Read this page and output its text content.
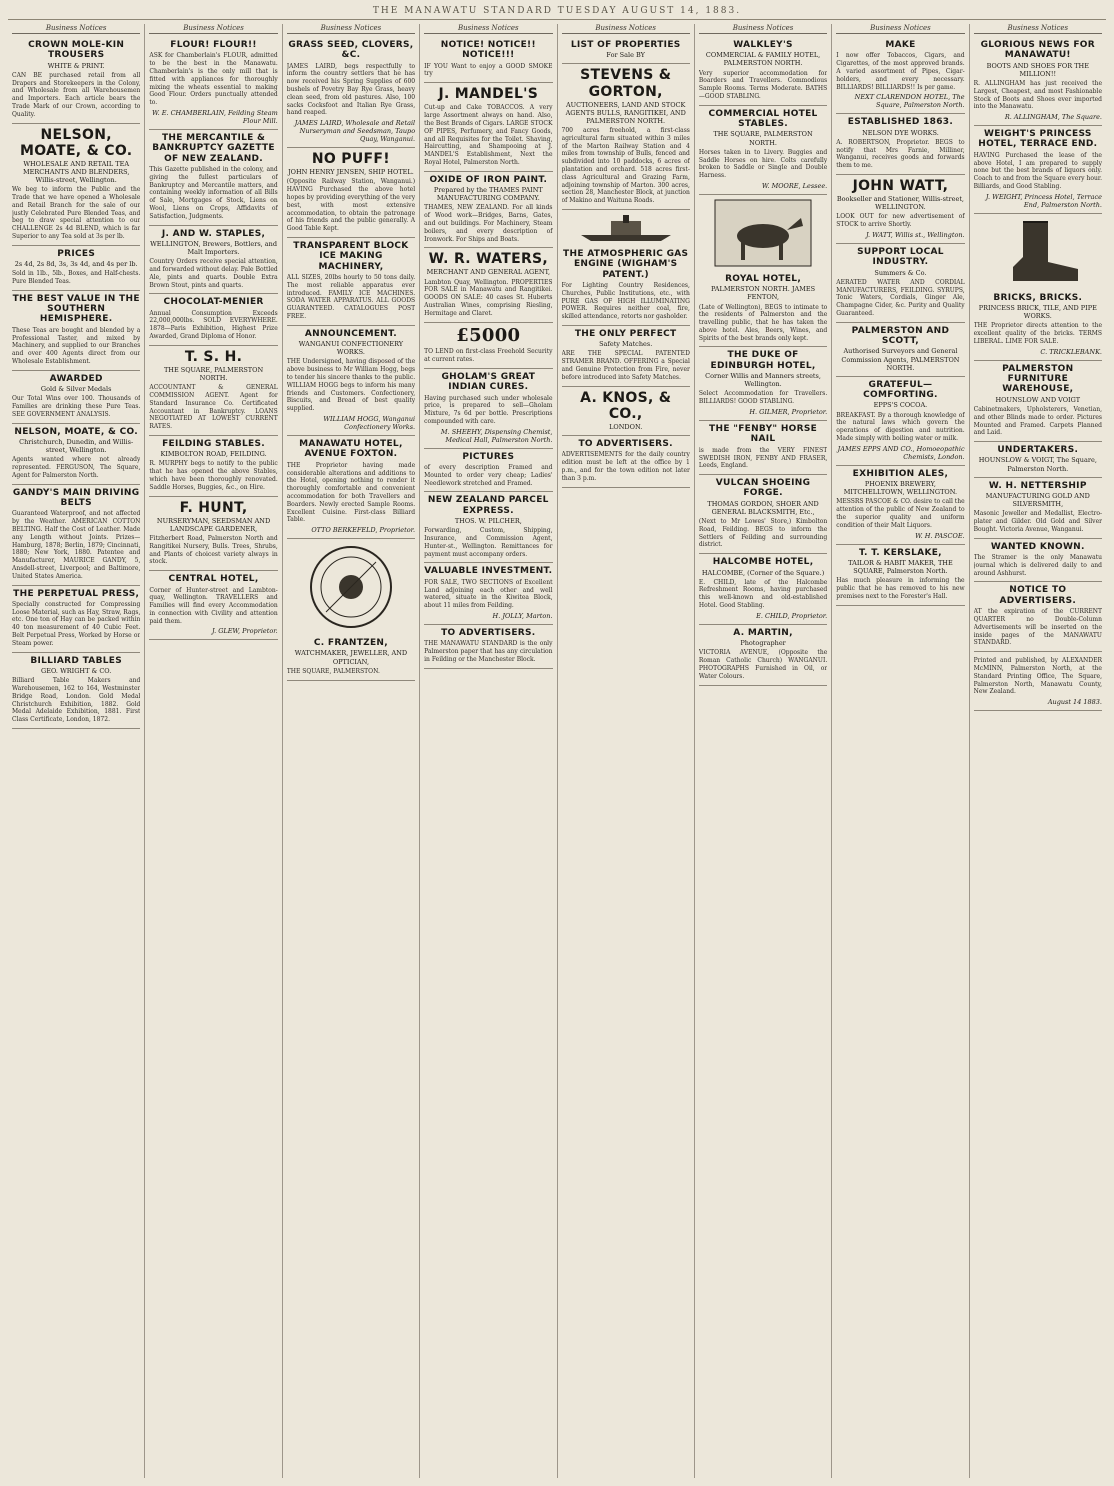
THE MANAWATU STANDARD TUESDAY AUGUST 14, 1883.
Business Notices
CROWN MOLE-KIN TROUSERS
WHITE & PRINT.
CAN BE purchased retail from all Drapers and Storekeepers in the Colony, and Wholesale from all Warehousemen and Importers. Each article bears the Trade Mark of our Crown, according to Quality.
NELSON, MOATE, & CO.
WHOLESALE AND RETAIL TEA MERCHANTS AND BLENDERS, Willis-street, Wellington.
We beg to inform the Public and the Trade that we have opened a Wholesale and Retail Branch for the sale of our justly Celebrated Pure Blended Teas, and beg to draw special attention to our CHALLENGE 2s 4d BLEND, which is far Superior to any Tea sold at 3s per lb.
PRICES
2s 4d, 2s 8d, 3s, 3s 4d, and 4s per lb.
Sold in 1lb., 5lb., Boxes, and Half-chests. Pure Blended Teas.
THE BEST VALUE IN THE SOUTHERN HEMISPHERE.
These Teas are bought and blended by a Professional Taster, and mixed by Machinery, and supplied to our Branches and over 400 Agents direct from our Wholesale Establishment.
AWARDED
Gold & Silver Medals
Our Total Wins over 100. Thousands of Families are drinking these Pure Teas. SEE GOVERNMENT ANALYSIS.
NELSON, MOATE, & CO.
Christchurch, Dunedin, and Willis-street, Wellington.
Agents wanted where not already represented. FERGUSON, The Square, Agent for Palmerston North.
GANDY'S MAIN DRIVING BELTS
Guaranteed Waterproof, and not affected by the Weather. AMERICAN COTTON BELTING. Half the Cost of Leather. Made any Length without Joints. Prizes—Hamburg, 1878; Berlin, 1879; Cincinnati, 1880; New York, 1880. Patentee and Manufacturer, MAURICE GANDY, 5, Ansdell-street, Liverpool; and Baltimore, United States America.
THE PERPETUAL PRESS,
Specially constructed for Compressing Loose Material, such as Hay, Straw, Rags, etc. One ton of Hay can be packed within 40 ton measurement of 40 Cubic Feet. Belt Perpetual Press, Worked by Horse or Steam power.
BILLIARD TABLES
GEO. WRIGHT & CO.
Billiard Table Makers and Warehousemen, 162 to 164, Westminster Bridge Road, London. Gold Medal Christchurch Exhibition, 1882. Gold Medal Adelaide Exhibition, 1881. First Class Certificate, London, 1872.
Business Notices
FLOUR! FLOUR!!
ASK for Chamberlain's FLOUR, admitted to be the best in the Manawatu. Chamberlain's is the only mill that is fitted with appliances for thoroughly mixing the wheats essential to making Good Flour. Orders punctually attended to.
W. E. CHAMBERLAIN, Feilding Steam Flour Mill.
THE MERCANTILE & BANKRUPTCY GAZETTE OF NEW ZEALAND.
This Gazette published in the colony, and giving the fullest particulars of Bankruptcy and Mercantile matters, and containing weekly information of all Bills of Sale, Mortgages of Stock, Liens on Wool, Liens on Crops, Affidavits of Satisfaction, Judgments.
J. AND W. STAPLES,
WELLINGTON, Brewers, Bottlers, and Malt Importers.
Country Orders receive special attention, and forwarded without delay. Pale Bottled Ale, pints and quarts. Double Extra Brown Stout, pints and quarts.
CHOCOLAT-MENIER
Annual Consumption Exceeds 22,000,000lbs. SOLD EVERYWHERE. 1878—Paris Exhibition, Highest Prize Awarded, Grand Diploma of Honor.
T. S. H.
THE SQUARE, PALMERSTON NORTH.
ACCOUNTANT & GENERAL COMMISSION AGENT. Agent for Standard Insurance Co. Certificated Accountant in Bankruptcy. LOANS NEGOTIATED AT LOWEST CURRENT RATES.
FEILDING STABLES.
KIMBOLTON ROAD, FEILDING.
R. MURPHY begs to notify to the public that he has opened the above Stables, which have been thoroughly renovated. Saddle Horses, Buggies, &c., on Hire.
F. HUNT,
NURSERYMAN, SEEDSMAN AND LANDSCAPE GARDENER,
Fitzherbert Road, Palmerston North and Rangitikei Nursery, Bulls. Trees, Shrubs, and Plants of choicest variety always in stock.
CENTRAL HOTEL,
Corner of Hunter-street and Lambton-quay, Wellington. TRAVELLERS and Families will find every Accommodation in connection with Civility and attention paid them.
J. GLEW, Proprietor.
Business Notices
GRASS SEED, CLOVERS, &C.
JAMES LAIRD, begs respectfully to inform the country settlers that he has now received his Spring Supplies of 600 bushels of Povetry Bay Rye Grass, heavy clean seed, from old pastures. Also, 100 sacks Cocksfoot and Italian Rye Grass, hand reaped.
JAMES LAIRD, Wholesale and Retail Nurseryman and Seedsman, Taupo Quay, Wanganui.
NO PUFF!
JOHN HENRY JENSEN, SHIP HOTEL.
(Opposite Railway Station, Wanganui.) HAVING Purchased the above hotel hopes by providing everything of the very best, with most extensive accommodation, to obtain the patronage of his friends and the public generally. A Good Table Kept.
TRANSPARENT BLOCK ICE MAKING MACHINERY,
ALL SIZES, 20lbs hourly to 50 tons daily. The most reliable apparatus ever introduced. FAMILY ICE MACHINES. SODA WATER APPARATUS. ALL GOODS GUARANTEED. CATALOGUES POST FREE.
ANNOUNCEMENT.
WANGANUI CONFECTIONERY WORKS.
THE Undersigned, having disposed of the above business to Mr William Hogg, begs to tender his sincere thanks to the public. WILLIAM HOGG begs to inform his many friends and Customers. Confectionery, Biscuits, and Bread of best quality supplied.
WILLIAM HOGG, Wanganui Confectionery Works.
MANAWATU HOTEL, AVENUE FOXTON.
THE Proprietor having made considerable alterations and additions to the Hotel, opening nothing to render it thoroughly comfortable and convenient accommodation for both Travellers and Boarders. Newly erected Sample Rooms. Excellent Cuisine. First-class Billiard Table.
OTTO BERKEFELD, Proprietor.
C. FRANTZEN,
WATCHMAKER, JEWELLER, AND OPTICIAN,
THE SQUARE, PALMERSTON.
Business Notices
NOTICE! NOTICE!! NOTICE!!!
IF YOU Want to enjoy a GOOD SMOKE try
J. MANDEL'S
Cut-up and Cake TOBACCOS. A very large Assortment always on hand. Also, the Best Brands of Cigars. LARGE STOCK OF PIPES, Perfumery, and Fancy Goods, and all Requisites for the Toilet. Shaving, Haircutting, and Shampooing at J. MANDEL'S Establishment, Next the Royal Hotel, Palmerston North.
OXIDE OF IRON PAINT.
Prepared by the THAMES PAINT MANUFACTURING COMPANY.
THAMES, NEW ZEALAND. For all kinds of Wood work—Bridges, Barns, Gates, and out buildings. For Machinery, Steam boilers, and every description of Ironwork. For Ships and Boats.
W. R. WATERS,
MERCHANT AND GENERAL AGENT,
Lambton Quay, Wellington. PROPERTIES FOR SALE in Manawatu and Rangitikei. GOODS ON SALE: 40 cases St. Huberts Australian Wines, comprising Riesling, Hermitage and Claret.
£5000
TO LEND on first-class Freehold Security at current rates.
GHOLAM'S GREAT INDIAN CURES.
Having purchased such under wholesale price, is prepared to sell—Gholam Mixture, 7s 6d per bottle. Prescriptions compounded with care.
M. SHEEHY, Dispensing Chemist, Medical Hall, Palmerston North.
PICTURES
of every description Framed and Mounted to order very cheap; Ladies' Needlework stretched and Framed.
NEW ZEALAND PARCEL EXPRESS.
THOS. W. PILCHER,
Forwarding, Custom, Shipping, Insurance, and Commission Agent, Hunter-st., Wellington. Remittances for payment must accompany orders.
VALUABLE INVESTMENT.
FOR SALE, TWO SECTIONS of Excellent Land adjoining each other and well watered, situate in the Kiwitea Block, about 11 miles from Feilding.
H. JOLLY, Marton.
TO ADVERTISERS.
THE MANAWATU STANDARD is the only Palmerston paper that has any circulation in Feilding or the Manchester Block.
Business Notices
LIST OF PROPERTIES
For Sale BY
STEVENS & GORTON,
AUCTIONEERS, LAND AND STOCK AGENTS BULLS, RANGITIKEI, AND PALMERSTON NORTH.
700 acres freehold, a first-class agricultural farm situated within 3 miles of the Marton Railway Station and 4 miles from township of Bulls, fenced and subdivided into 10 paddocks, 6 acres of plantation and orchard. 518 acres first-class Agricultural and Grazing Farm, adjoining township of Marton. 300 acres, section 28, Manchester Block, at junction of Makino and Waituna Roads.
THE ATMOSPHERIC GAS ENGINE (WIGHAM'S PATENT.)
For Lighting Country Residences, Churches, Public Institutions, etc., with PURE GAS OF HIGH ILLUMINATING POWER. Requires neither coal, fire, skilled attendance, retorts nor gasholder.
THE ONLY PERFECT
Safety Matches.
ARE THE SPECIAL PATENTED STRAMER BRAND. OFFERING a Special and Genuine Protection from Fire, never before introduced into Safety Matches.
A. KNOS, & CO.,
LONDON.
TO ADVERTISERS.
ADVERTISEMENTS for the daily country edition must be left at the office by 1 p.m., and for the town edition not later than 3 p.m.
Business Notices
WALKLEY'S
COMMERCIAL & FAMILY HOTEL, PALMERSTON NORTH.
Very superior accommodation for Boarders and Travellers. Commodious Sample Rooms. Terms Moderate. BATHS—GOOD STABLING.
COMMERCIAL HOTEL STABLES.
THE SQUARE, PALMERSTON NORTH.
Horses taken in to Livery. Buggies and Saddle Horses on hire. Colts carefully broken to Saddle or Single and Double Harness.
W. MOORE, Lessee.
ROYAL HOTEL,
PALMERSTON NORTH. JAMES FENTON,
(Late of Wellington), BEGS to intimate to the residents of Palmerston and the travelling public, that he has taken the above hotel. Ales, Beers, Wines, and Spirits of the best brands only kept.
THE DUKE OF EDINBURGH HOTEL,
Corner Willis and Manners streets, Wellington.
Select Accommodation for Travellers. BILLIARDS! GOOD STABLING.
H. GILMER, Proprietor.
THE "FENBY" HORSE NAIL
is made from the VERY FINEST SWEDISH IRON, FENBY AND FRASER, Leeds, England.
VULCAN SHOEING FORGE.
THOMAS GORDON, SHOER AND GENERAL BLACKSMITH, Etc.,
(Next to Mr Lowes' Store,) Kimbolton Road, Feilding. BEGS to inform the Settlers of Feilding and surrounding district.
HALCOMBE HOTEL,
HALCOMBE, (Corner of the Square.)
E. CHILD, late of the Halcombe Refreshment Rooms, having purchased this well-known and old-established Hotel. Good Stabling.
E. CHILD, Proprietor.
A. MARTIN,
Photographer
VICTORIA AVENUE, (Opposite the Roman Catholic Church) WANGANUI. PHOTOGRAPHS Furnished in Oil, or Water Colours.
Business Notices
MAKE
I now offer Tobaccos, Cigars, and Cigarettes, of the most approved brands. A varied assortment of Pipes, Cigar-holders, and every necessary. BILLIARDS! BILLIARDS!! Is per game.
NEXT CLARENDON HOTEL, The Square, Palmerston North.
ESTABLISHED 1863.
NELSON DYE WORKS.
A. ROBERTSON, Proprietor. BEGS to notify that Mrs Farnie, Milliner, Wanganui, receives goods and forwards them to me.
JOHN WATT,
Bookseller and Stationer, Willis-street, WELLINGTON.
LOOK OUT for new advertisement of STOCK to arrive Shortly.
J. WATT, Willis st., Wellington.
SUPPORT LOCAL INDUSTRY.
Summers & Co.
AERATED WATER AND CORDIAL MANUFACTURERS, FEILDING. SYRUPS, Tonic Waters, Cordials, Ginger Ale, Champagne Cider, &c. Purity and Quality Guaranteed.
PALMERSTON AND SCOTT,
Authorised Surveyors and General Commission Agents, PALMERSTON NORTH.
GRATEFUL—COMFORTING.
EPPS'S COCOA.
BREAKFAST. By a thorough knowledge of the natural laws which govern the operations of digestion and nutrition. Made simply with boiling water or milk.
JAMES EPPS AND CO., Homoeopathic Chemists, London.
EXHIBITION ALES,
PHOENIX BREWERY, MITCHELLTOWN, WELLINGTON.
MESSRS PASCOE & CO. desire to call the attention of the public of New Zealand to the superior quality and uniform condition of their Malt Liquors.
W. H. PASCOE.
T. T. KERSLAKE,
TAILOR & HABIT MAKER, THE SQUARE, Palmerston North.
Has much pleasure in informing the public that he has removed to his new premises next to the Forester's Hall.
Business Notices
GLORIOUS NEWS FOR MANAWATU!
BOOTS AND SHOES FOR THE MILLION!!
R. ALLINGHAM has just received the Largest, Cheapest, and most Fashionable Stock of Boots and Shoes ever imported into the Manawatu.
R. ALLINGHAM, The Square.
WEIGHT'S PRINCESS HOTEL, TERRACE END.
HAVING Purchased the lease of the above Hotel, I am prepared to supply none but the best brands of liquors only. Coach to and from the Square every hour. Billiards, and Good Stabling.
J. WEIGHT, Princess Hotel, Terrace End, Palmerston North.
BRICKS, BRICKS.
PRINCESS BRICK, TILE, AND PIPE WORKS.
THE Proprietor directs attention to the excellent quality of the bricks. TERMS LIBERAL. LIME FOR SALE.
C. TRICKLEBANK.
PALMERSTON FURNITURE WAREHOUSE,
HOUNSLOW AND VOIGT
Cabinetmakers, Upholsterers, Venetian, and other Blinds made to order. Pictures Mounted and Framed. Carpets Planned and Laid.
UNDERTAKERS.
HOUNSLOW & VOIGT, The Square, Palmerston North.
W. H. NETTERSHIP
MANUFACTURING GOLD AND SILVERSMITH,
Masonic Jeweller and Medallist, Electro-plater and Gilder. Old Gold and Silver Bought. Victoria Avenue, Wanganui.
WANTED KNOWN.
The Stramer is the only Manawatu journal which is delivered daily to and around Ashhurst.
NOTICE TO ADVERTISERS.
AT the expiration of the CURRENT QUARTER no Double-Column Advertisements will be inserted on the inside pages of the MANAWATU STANDARD.
Printed and published, by ALEXANDER McMINN, Palmerston North, at the Standard Printing Office, The Square, Palmerston North, Manawatu County, New Zealand.
August 14 1883.
